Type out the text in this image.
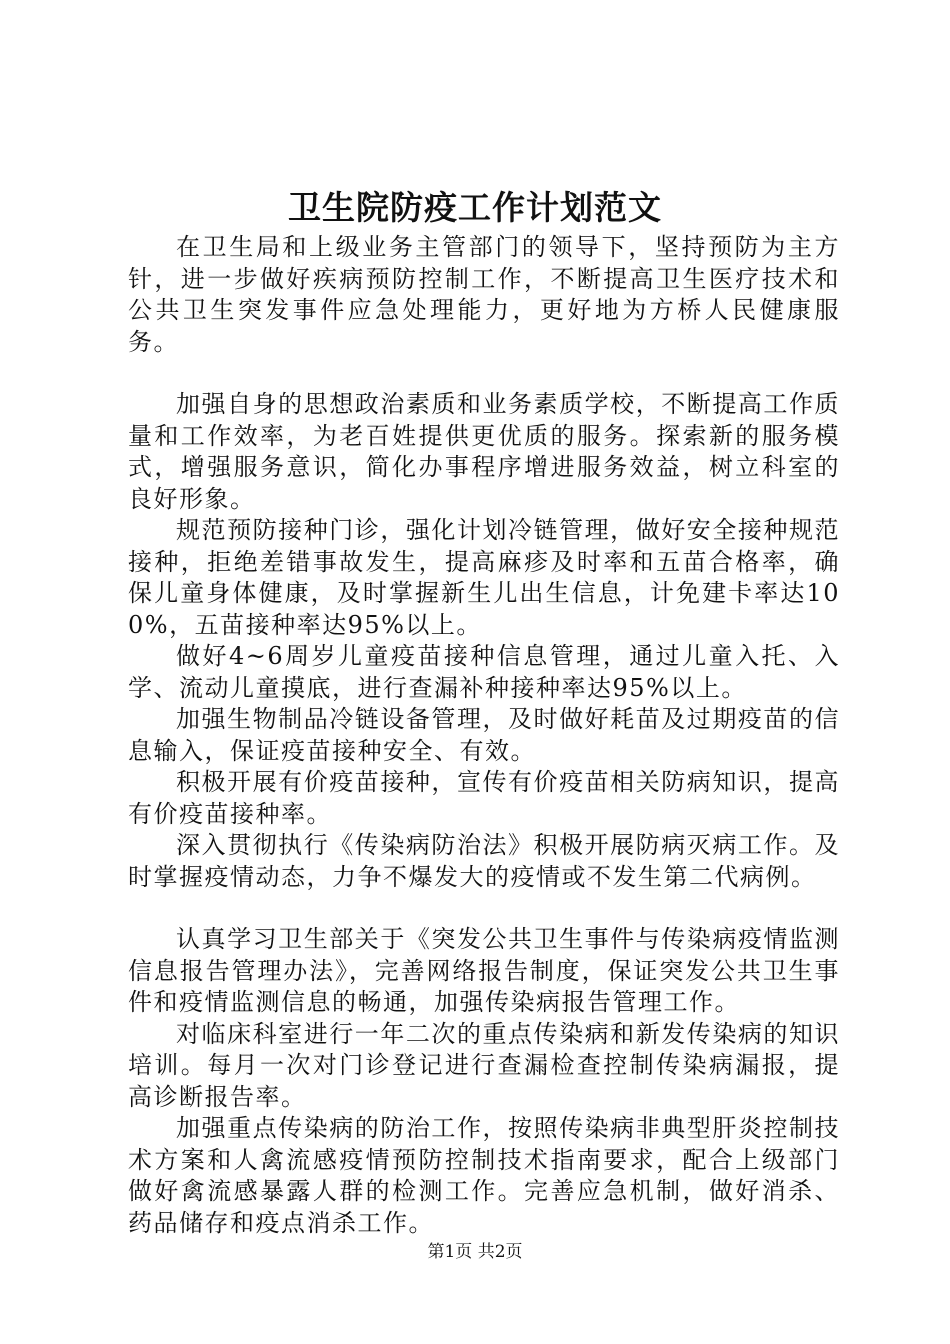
卫生院防疫工作计划范文

在卫生局和上级业务主管部门的领导下，坚持预防为主方针，进一步做好疾病预防控制工作，不断提高卫生医疗技术和公共卫生突发事件应急处理能力，更好地为方桥人民健康服务。

加强自身的思想政治素质和业务素质学校，不断提高工作质量和工作效率，为老百姓提供更优质的服务。探索新的服务模式，增强服务意识，简化办事程序增进服务效益，树立科室的良好形象。

规范预防接种门诊，强化计划冷链管理，做好安全接种规范接种，拒绝差错事故发生，提高麻疹及时率和五苗合格率，确保儿童身体健康，及时掌握新生儿出生信息，计免建卡率达100%，五苗接种率达95%以上。

做好4~6周岁儿童疫苗接种信息管理，通过儿童入托、入学、流动儿童摸底，进行查漏补种接种率达95%以上。

加强生物制品冷链设备管理，及时做好耗苗及过期疫苗的信息输入，保证疫苗接种安全、有效。

积极开展有价疫苗接种，宣传有价疫苗相关防病知识，提高有价疫苗接种率。

深入贯彻执行《传染病防治法》积极开展防病灭病工作。及时掌握疫情动态，力争不爆发大的疫情或不发生第二代病例。

认真学习卫生部关于《突发公共卫生事件与传染病疫情监测信息报告管理办法》，完善网络报告制度，保证突发公共卫生事件和疫情监测信息的畅通，加强传染病报告管理工作。

对临床科室进行一年二次的重点传染病和新发传染病的知识培训。每月一次对门诊登记进行查漏检查控制传染病漏报，提高诊断报告率。

加强重点传染病的防治工作，按照传染病非典型肝炎控制技术方案和人禽流感疫情预防控制技术指南要求，配合上级部门做好禽流感暴露人群的检测工作。完善应急机制，做好消杀、药品储存和疫点消杀工作。

第1页 共2页
